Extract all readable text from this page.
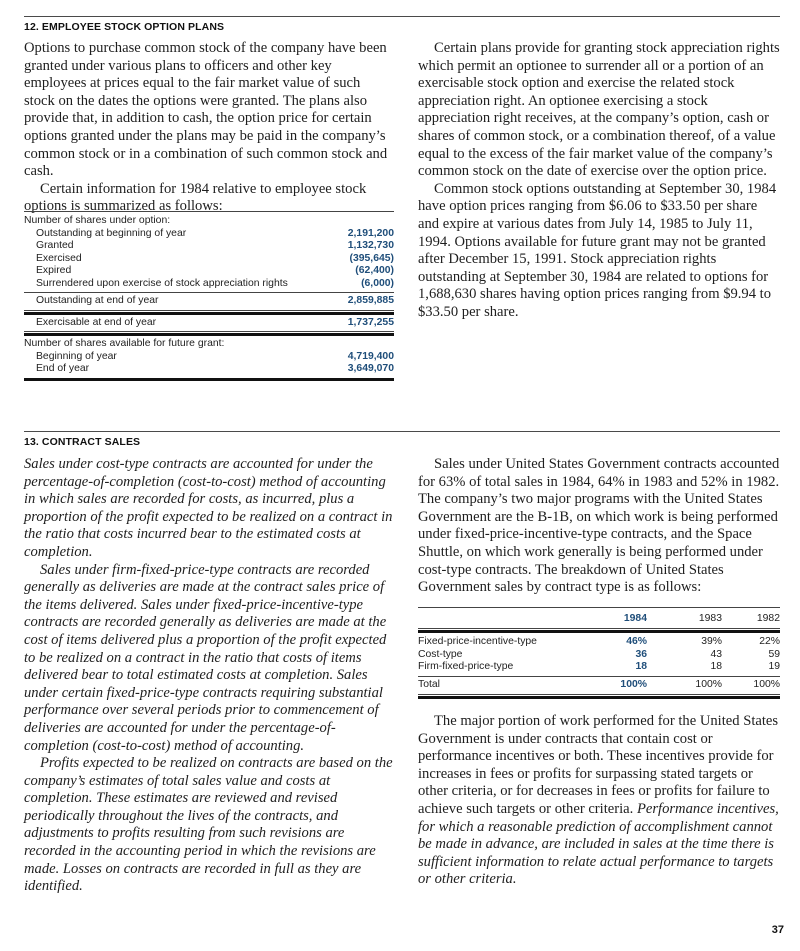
12. EMPLOYEE STOCK OPTION PLANS

Options to purchase common stock of the company have been granted under various plans to officers and other key employees at prices equal to the fair market value of such stock on the dates the options were granted. The plans also provide that, in addition to cash, the option price for certain options granted under the plans may be paid in the company’s common stock or in a combination of such common stock and cash.

Certain information for 1984 relative to employee stock options is summarized as follows:

Certain plans provide for granting stock appreciation rights which permit an optionee to surrender all or a portion of an exercisable stock option and exercise the related stock appreciation right. An optionee exercising a stock appreciation right receives, at the company’s option, cash or shares of common stock, or a combination thereof, of a value equal to the excess of the fair market value of the company’s common stock on the date of exercise over the option price.

Common stock options outstanding at September 30, 1984 have option prices ranging from $6.06 to $33.50 per share and expire at various dates from July 14, 1985 to July 11, 1994. Options available for future grant may not be granted after December 15, 1991. Stock appreciation rights outstanding at September 30, 1984 are related to options for 1,688,630 shares having option prices ranging from $9.94 to $33.50 per share.

Number of shares under option:
Outstanding at beginning of year	2,191,200
Granted	1,132,730
Exercised	(395,645)
Expired	(62,400)
Surrendered upon exercise of stock appreciation rights	(6,000)
Outstanding at end of year	2,859,885
Exercisable at end of year	1,737,255
Number of shares available for future grant:
Beginning of year	4,719,400
End of year	3,649,070
13. CONTRACT SALES

Sales under cost-type contracts are accounted for under the percentage-of-completion (cost-to-cost) method of accounting in which sales are recorded for costs, as incurred, plus a proportion of the profit expected to be realized on a contract in the ratio that costs incurred bear to the estimated costs at completion.

Sales under firm-fixed-price-type contracts are recorded generally as deliveries are made at the contract sales price of the items delivered. Sales under fixed-price-incentive-type contracts are recorded generally as deliveries are made at the cost of items delivered plus a proportion of the profit expected to be realized on a contract in the ratio that costs of items delivered bear to total estimated costs at completion. Sales under certain fixed-price-type contracts requiring substantial performance over several periods prior to commencement of deliveries are accounted for under the percentage-of-completion (cost-to-cost) method of accounting.

Profits expected to be realized on contracts are based on the company’s estimates of total sales value and costs at completion. These estimates are reviewed and revised periodically throughout the lives of the contracts, and adjustments to profits resulting from such revisions are recorded in the accounting period in which the revisions are made. Losses on contracts are recorded in full as they are identified.

Sales under United States Government contracts accounted for 63% of total sales in 1984, 64% in 1983 and 52% in 1982. The company’s two major programs with the United States Government are the B-1B, on which work is being performed under fixed-price-incentive-type contracts, and the Space Shuttle, on which work generally is being performed under cost-type contracts. The breakdown of United States Government sales by contract type is as follows:

1984	1983	1982
Fixed-price-incentive-type	46%	39%	22%
Cost-type	36	43	59
Firm-fixed-price-type	18	18	19
Total	100%	100%	100%

The major portion of work performed for the United States Government is under contracts that contain cost or performance incentives or both. These incentives provide for increases in fees or profits for surpassing stated targets or other criteria, or for decreases in fees or profits for failure to achieve such targets or other criteria. Performance incentives, for which a reasonable prediction of accomplishment cannot be made in advance, are included in sales at the time there is sufficient information to relate actual performance to targets or other criteria.

37
